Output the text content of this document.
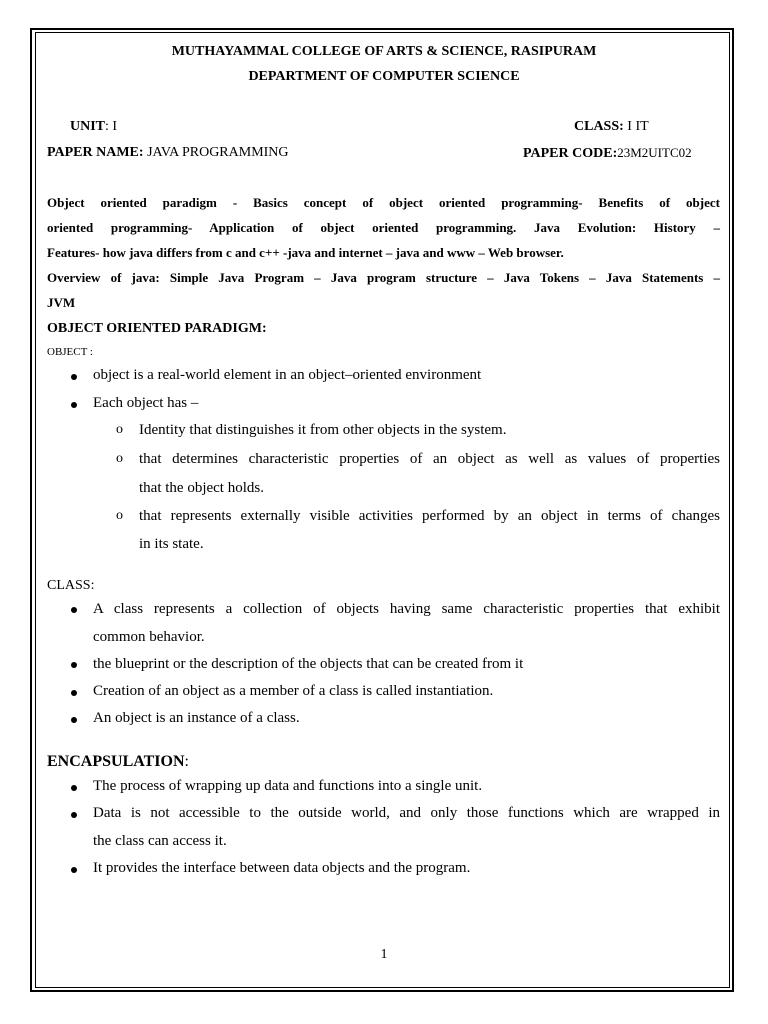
MUTHAYAMMAL COLLEGE OF ARTS & SCIENCE, RASIPURAM
DEPARTMENT OF COMPUTER SCIENCE
UNIT: I	CLASS: I IT
PAPER NAME: JAVA PROGRAMMING	PAPER CODE:23M2UITC02
Object oriented paradigm - Basics concept of object oriented programming- Benefits of object
oriented programming- Application of object oriented programming. Java Evolution: History –
Features- how java differs from c and c++ -java and internet – java and www – Web browser.
Overview of java: Simple Java Program – Java program structure – Java Tokens – Java Statements –
JVM
OBJECT ORIENTED PARADIGM:
OBJECT :
object is a real-world element in an object–oriented environment
Each object has –
o Identity that distinguishes it from other objects in the system.
o that determines characteristic properties of an object as well as values of properties
that the object holds.
o that represents externally visible activities performed by an object in terms of changes
in its state.
CLASS:
A class represents a collection of objects having same characteristic properties that exhibit
common behavior.
the blueprint or the description of the objects that can be created from it
Creation of an object as a member of a class is called instantiation.
An object is an instance of a class.
ENCAPSULATION:
The process of wrapping up data and functions into a single unit.
Data is not accessible to the outside world, and only those functions which are wrapped in
the class can access it.
It provides the interface between data objects and the program.
1
